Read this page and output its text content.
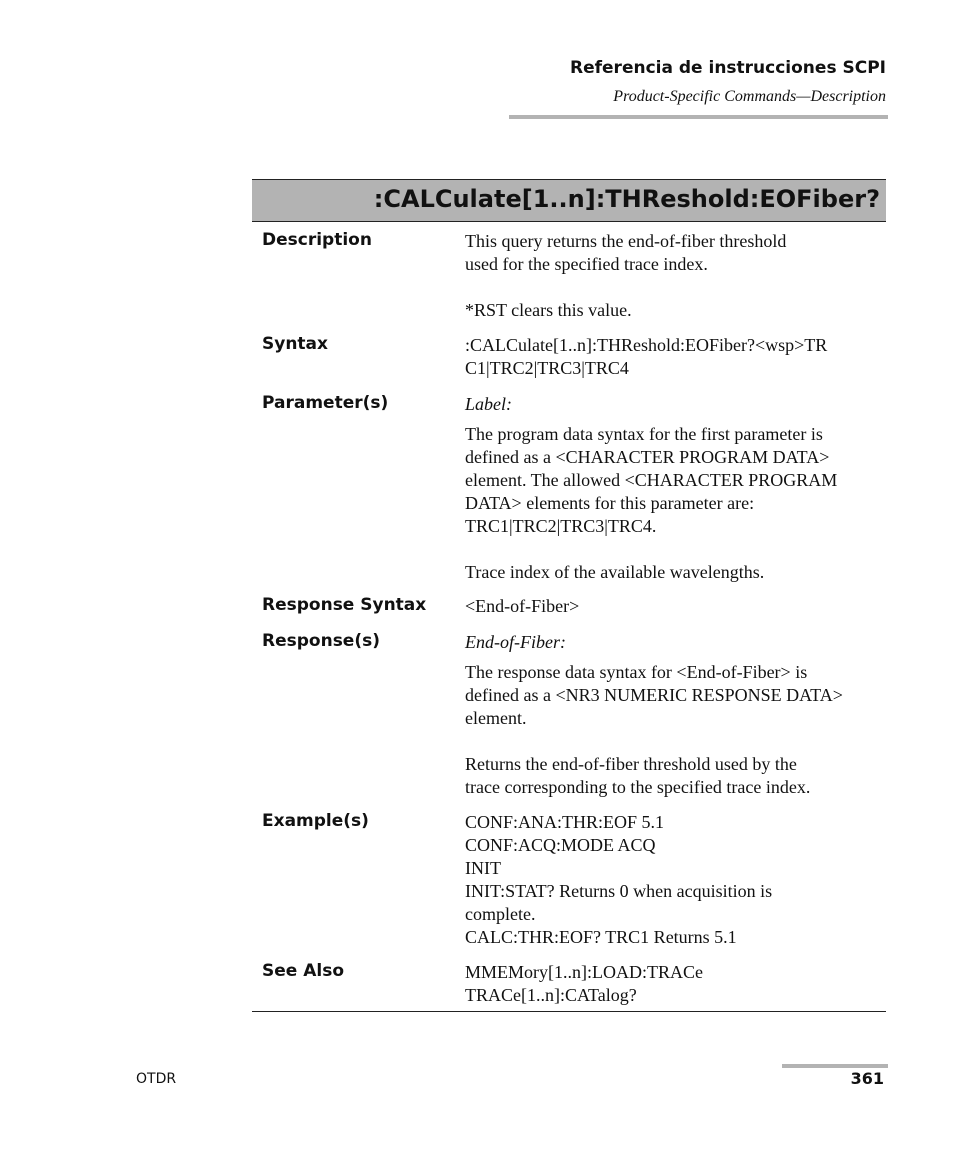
Referencia de instrucciones SCPI
Product-Specific Commands—Description
:CALCulate[1..n]:THReshold:EOFiber?
Description	This query returns the end-of-fiber threshold

used for the specified trace index.

*RST clears this value.

Syntax	:CALCulate[1..n]:THReshold:EOFiber?<wsp>TR

C1|TRC2|TRC3|TRC4

Parameter(s)	Label:

The program data syntax for the first parameter is

defined as a <CHARACTER PROGRAM DATA>

element. The allowed <CHARACTER PROGRAM

DATA> elements for this parameter are:

TRC1|TRC2|TRC3|TRC4.

Trace index of the available wavelengths.

Response Syntax <End-of-Fiber>

Response(s)	End-of-Fiber:

The response data syntax for <End-of-Fiber> is

defined as a <NR3 NUMERIC RESPONSE DATA>

element.

Returns the end-of-fiber threshold used by the

trace corresponding to the specified trace index.

Example(s)	CONF:ANA:THR:EOF 5.1

CONF:ACQ:MODE ACQ

INIT

INIT:STAT? Returns 0 when acquisition is

complete.

CALC:THR:EOF? TRC1 Returns 5.1

See Also	MMEMory[1..n]:LOAD:TRACe

TRACe[1..n]:CATalog?

OTDR	361
